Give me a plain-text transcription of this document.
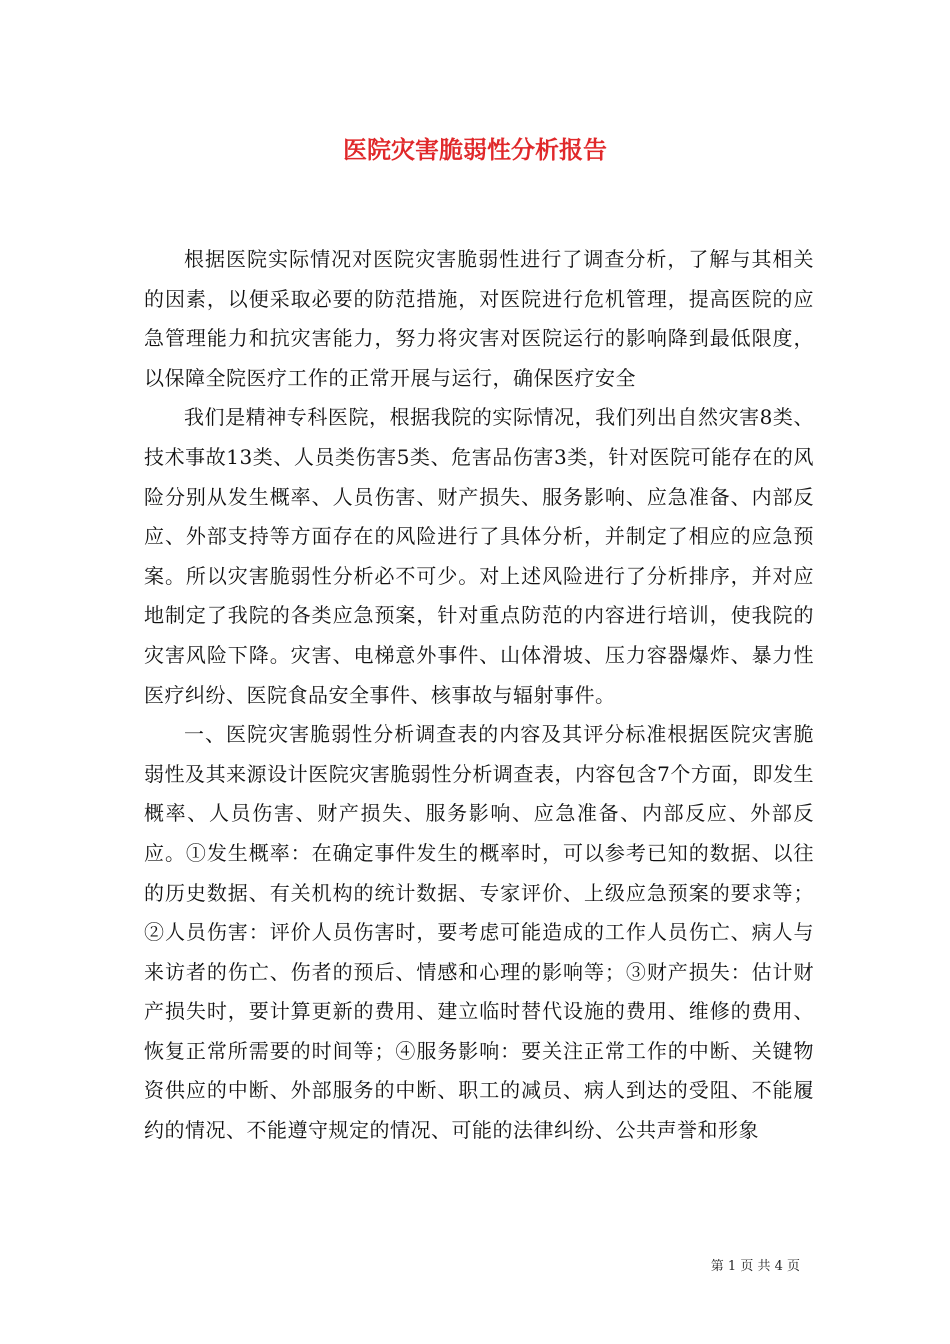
医院灾害脆弱性分析报告

根据医院实际情况对医院灾害脆弱性进行了调查分析，了解与其相关的因素，以便采取必要的防范措施，对医院进行危机管理，提高医院的应急管理能力和抗灾害能力，努力将灾害对医院运行的影响降到最低限度，以保障全院医疗工作的正常开展与运行，确保医疗安全

我们是精神专科医院，根据我院的实际情况，我们列出自然灾害8类、技术事故13类、人员类伤害5类、危害品伤害3类，针对医院可能存在的风险分别从发生概率、人员伤害、财产损失、服务影响、应急准备、内部反应、外部支持等方面存在的风险进行了具体分析，并制定了相应的应急预案。所以灾害脆弱性分析必不可少。对上述风险进行了分析排序，并对应地制定了我院的各类应急预案，针对重点防范的内容进行培训，使我院的灾害风险下降。灾害、电梯意外事件、山体滑坡、压力容器爆炸、暴力性医疗纠纷、医院食品安全事件、核事故与辐射事件。

一、医院灾害脆弱性分析调查表的内容及其评分标准根据医院灾害脆弱性及其来源设计医院灾害脆弱性分析调查表，内容包含7个方面，即发生概率、人员伤害、财产损失、服务影响、应急准备、内部反应、外部反应。①发生概率：在确定事件发生的概率时，可以参考已知的数据、以往的历史数据、有关机构的统计数据、专家评价、上级应急预案的要求等；②人员伤害：评价人员伤害时，要考虑可能造成的工作人员伤亡、病人与来访者的伤亡、伤者的预后、情感和心理的影响等；③财产损失：估计财产损失时，要计算更新的费用、建立临时替代设施的费用、维修的费用、恢复正常所需要的时间等；④服务影响：要关注正常工作的中断、关键物资供应的中断、外部服务的中断、职工的减员、病人到达的受阻、不能履约的情况、不能遵守规定的情况、可能的法律纠纷、公共声誉和形象

第 1 页 共 4 页
